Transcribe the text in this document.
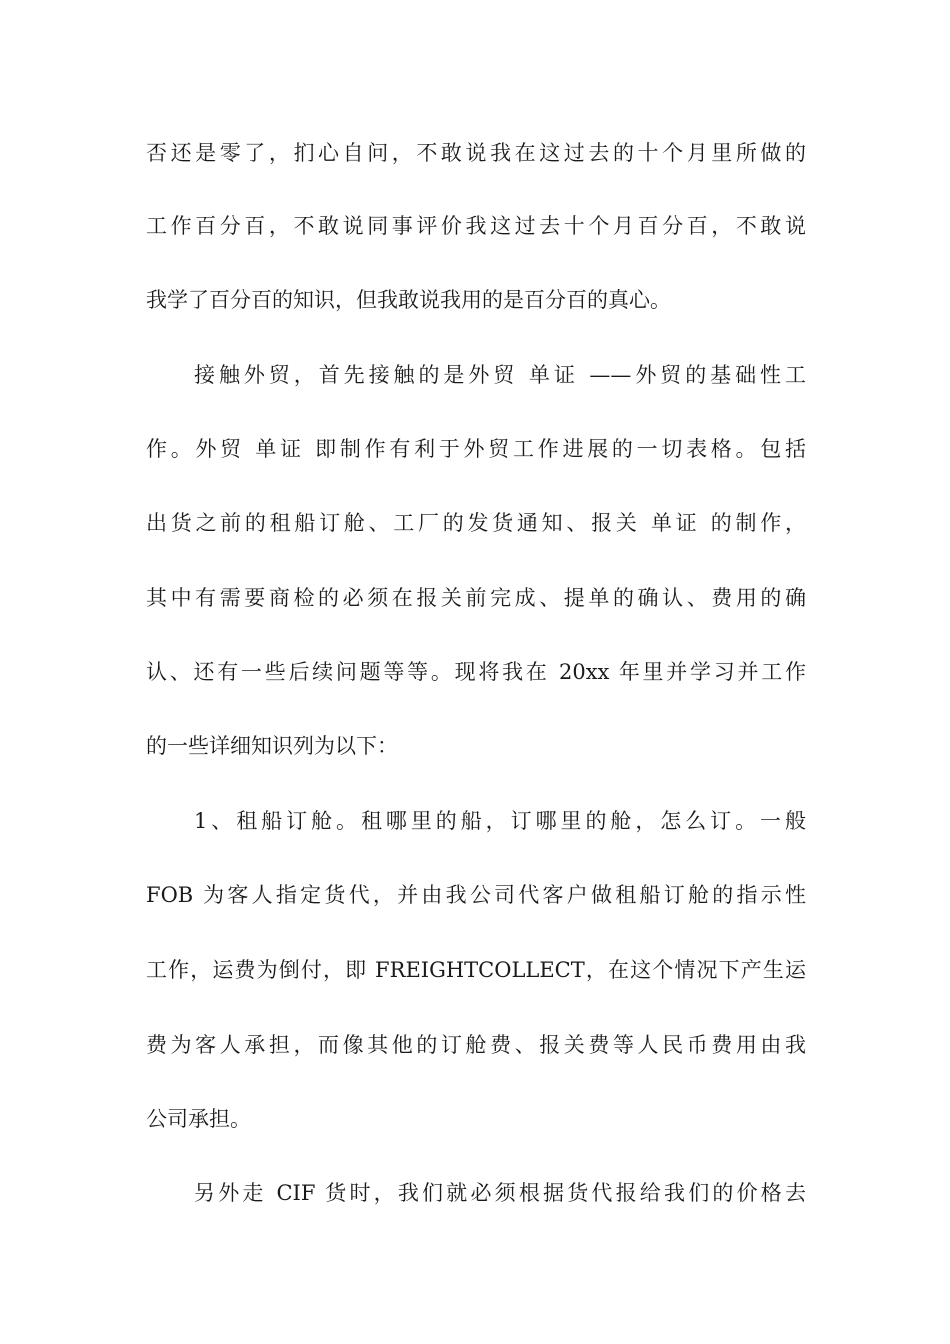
否还是零了，扪心自问，不敢说我在这过去的十个月里所做的
工作百分百，不敢说同事评价我这过去十个月百分百，不敢说
我学了百分百的知识，但我敢说我用的是百分百的真心。
接触外贸，首先接触的是外贸 单证 ——外贸的基础性工
作。外贸 单证 即制作有利于外贸工作进展的一切表格。包括
出货之前的租船订舱、工厂的发货通知、报关 单证 的制作，
其中有需要商检的必须在报关前完成、提单的确认、费用的确
认、还有一些后续问题等等。现将我在 20xx 年里并学习并工作
的一些详细知识列为以下：
1、租船订舱。租哪里的船，订哪里的舱，怎么订。一般
FOB 为客人指定货代，并由我公司代客户做租船订舱的指示性
工作，运费为倒付，即 FREIGHTCOLLECT，在这个情况下产生运
费为客人承担，而像其他的订舱费、报关费等人民币费用由我
公司承担。
另外走 CIF 货时，我们就必须根据货代报给我们的价格去
